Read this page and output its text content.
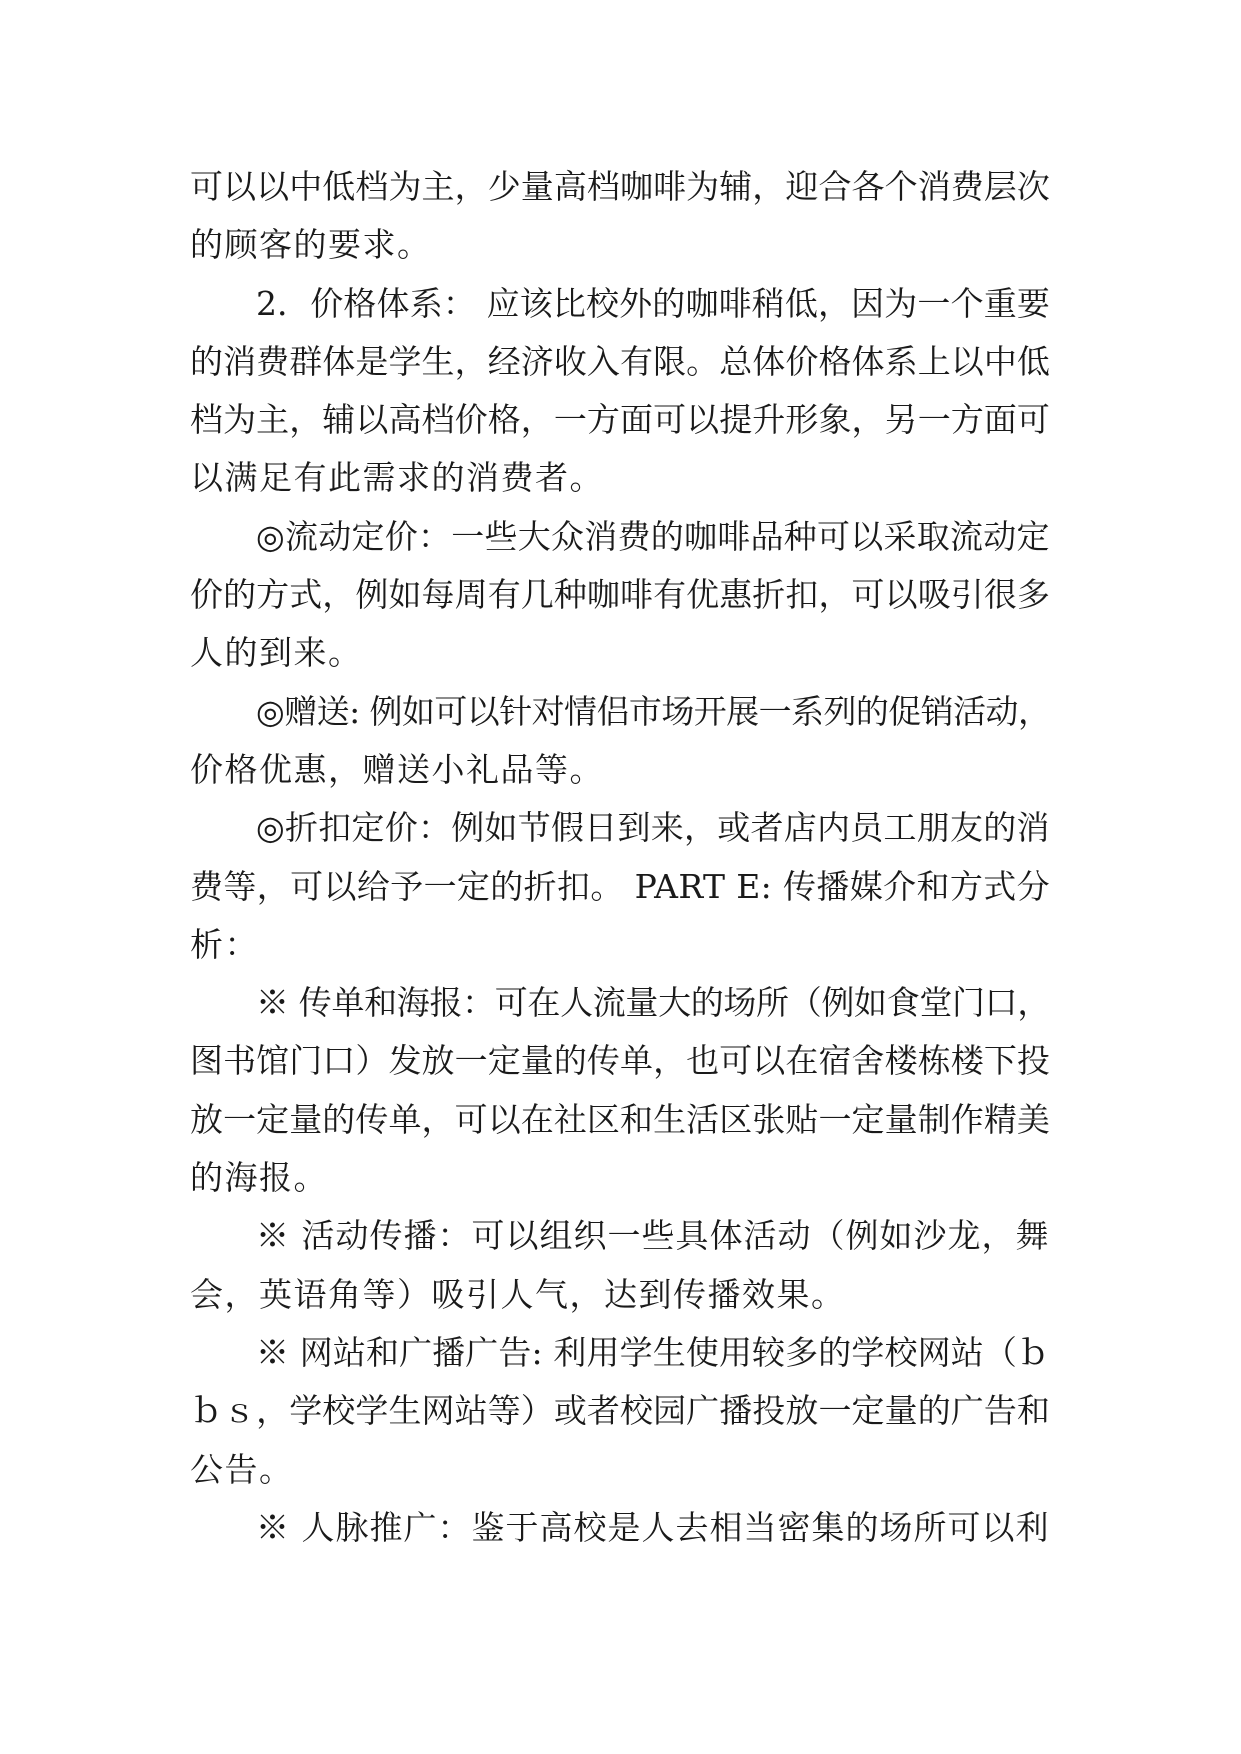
可以以中低档为主，少量高档咖啡为辅，迎合各个消费层次
的顾客的要求。
2．价格体系： 应该比校外的咖啡稍低，因为一个重要
的消费群体是学生，经济收入有限。总体价格体系上以中低
档为主，辅以高档价格，一方面可以提升形象，另一方面可
以满足有此需求的消费者。
◎流动定价：一些大众消费的咖啡品种可以采取流动定
价的方式，例如每周有几种咖啡有优惠折扣，可以吸引很多
人的到来。
◎赠送: 例如可以针对情侣市场开展一系列的促销活动，
价格优惠，赠送小礼品等。
◎折扣定价：例如节假日到来，或者店内员工朋友的消
费等，可以给予一定的折扣。 PART E: 传播媒介和方式分
析：
※ 传单和海报：可在人流量大的场所（例如食堂门口，
图书馆门口）发放一定量的传单，也可以在宿舍楼栋楼下投
放一定量的传单，可以在社区和生活区张贴一定量制作精美
的海报。
※ 活动传播：可以组织一些具体活动（例如沙龙，舞
会，英语角等）吸引人气，达到传播效果。
※ 网站和广播广告: 利用学生使用较多的学校网站（ｂ
ｂｓ，学校学生网站等）或者校园广播投放一定量的广告和
公告。
※ 人脉推广：鉴于高校是人去相当密集的场所可以利
